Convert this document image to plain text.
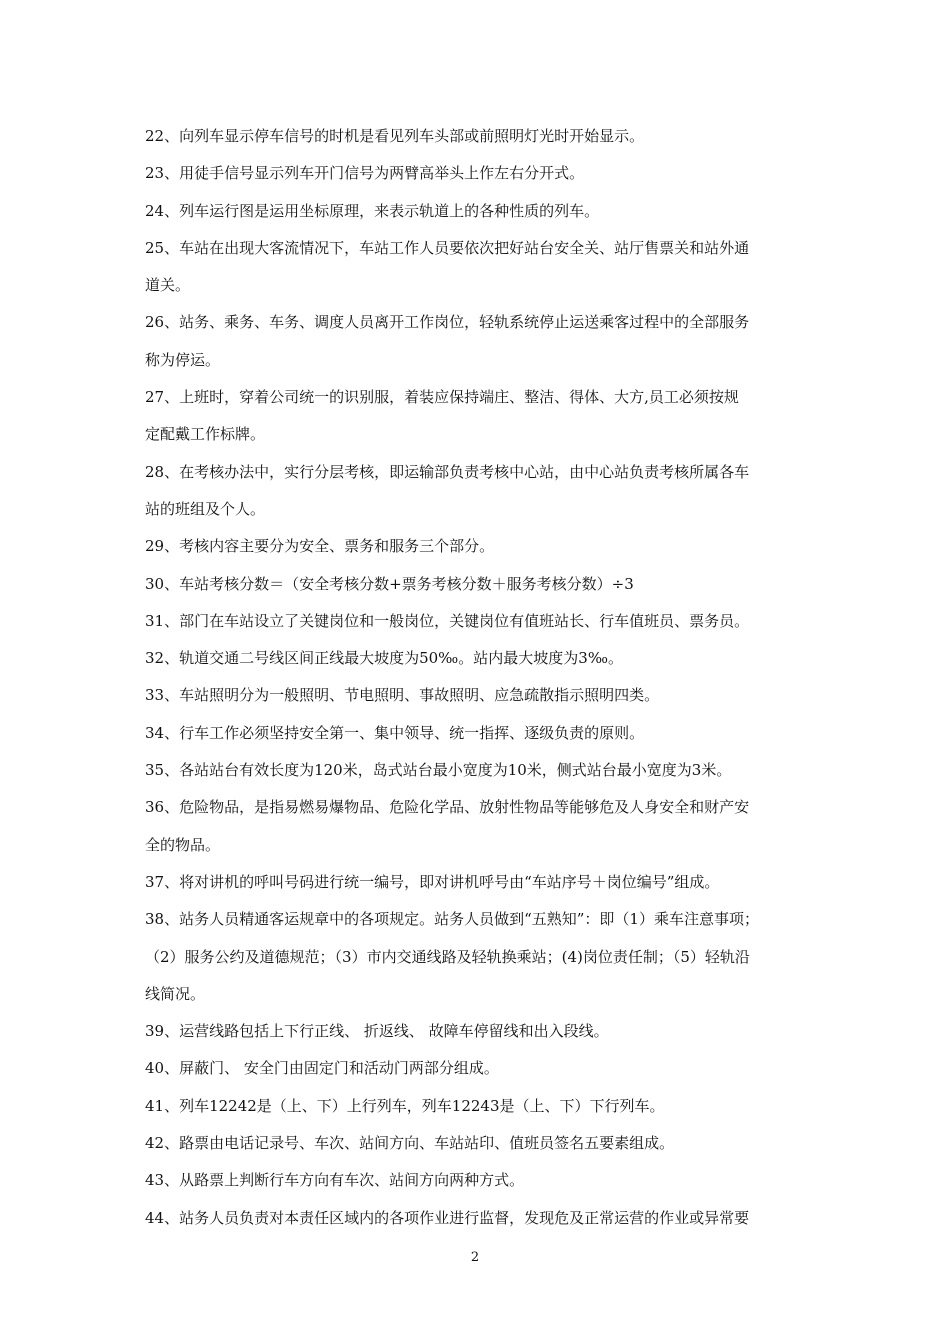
22、向列车显示停车信号的时机是看见列车头部或前照明灯光时开始显示。
23、用徒手信号显示列车开门信号为两臂高举头上作左右分开式。
24、列车运行图是运用坐标原理，来表示轨道上的各种性质的列车。
25、车站在出现大客流情况下，车站工作人员要依次把好站台安全关、站厅售票关和站外通
道关。
26、站务、乘务、车务、调度人员离开工作岗位，轻轨系统停止运送乘客过程中的全部服务
称为停运。
27、上班时，穿着公司统一的识别服，着装应保持端庄、整洁、得体、大方,员工必须按规
定配戴工作标牌。
28、在考核办法中，实行分层考核，即运输部负责考核中心站，由中心站负责考核所属各车
站的班组及个人。
29、考核内容主要分为安全、票务和服务三个部分。
30、车站考核分数＝（安全考核分数+票务考核分数＋服务考核分数）÷3
31、部门在车站设立了关键岗位和一般岗位，关键岗位有值班站长、行车值班员、票务员。
32、轨道交通二号线区间正线最大坡度为50‰。站内最大坡度为3‰。
33、车站照明分为一般照明、节电照明、事故照明、应急疏散指示照明四类。
34、行车工作必须坚持安全第一、集中领导、统一指挥、逐级负责的原则。
35、各站站台有效长度为120米，岛式站台最小宽度为10米，侧式站台最小宽度为3米。
36、危险物品，是指易燃易爆物品、危险化学品、放射性物品等能够危及人身安全和财产安
全的物品。
37、将对讲机的呼叫号码进行统一编号，即对讲机呼号由“车站序号＋岗位编号”组成。
38、站务人员精通客运规章中的各项规定。站务人员做到“五熟知”：即（1）乘车注意事项；
（2）服务公约及道德规范；（3）市内交通线路及轻轨换乘站；(4)岗位责任制；（5）轻轨沿
线简况。
39、运营线路包括上下行正线、 折返线、 故障车停留线和出入段线。
40、屏蔽门、 安全门由固定门和活动门两部分组成。
41、列车12242是（上、下）上行列车，列车12243是（上、下）下行列车。
42、路票由电话记录号、车次、站间方向、车站站印、值班员签名五要素组成。
43、从路票上判断行车方向有车次、站间方向两种方式。
44、站务人员负责对本责任区域内的各项作业进行监督，发现危及正常运营的作业或异常要
2
